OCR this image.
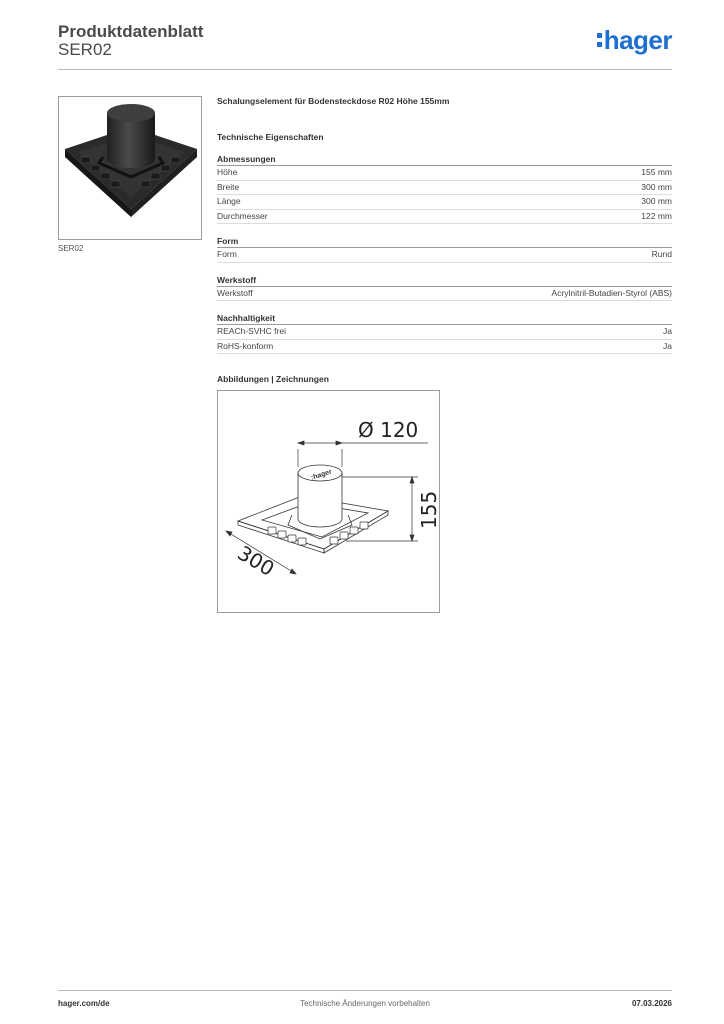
Produktdatenblatt
SER02	hager
SER02
Schalungselement für Bodensteckdose R02 Höhe 155mm
Technische Eigenschaften
Abmessungen
Höhe	155 mm
Breite	300 mm
Länge	300 mm
Durchmesser	122 mm
Form
Form	Rund
Werkstoff
Werkstoff	Acrylnitril-Butadien-Styrol (ABS)
Nachhaltigkeit
REACh-SVHC frei	Ja
RoHS-konform	Ja
Abbildungen | Zeichnungen
:hager
Ø 120
155
300
hager.com/de	Technische Änderungen vorbehalten	07.03.2026
